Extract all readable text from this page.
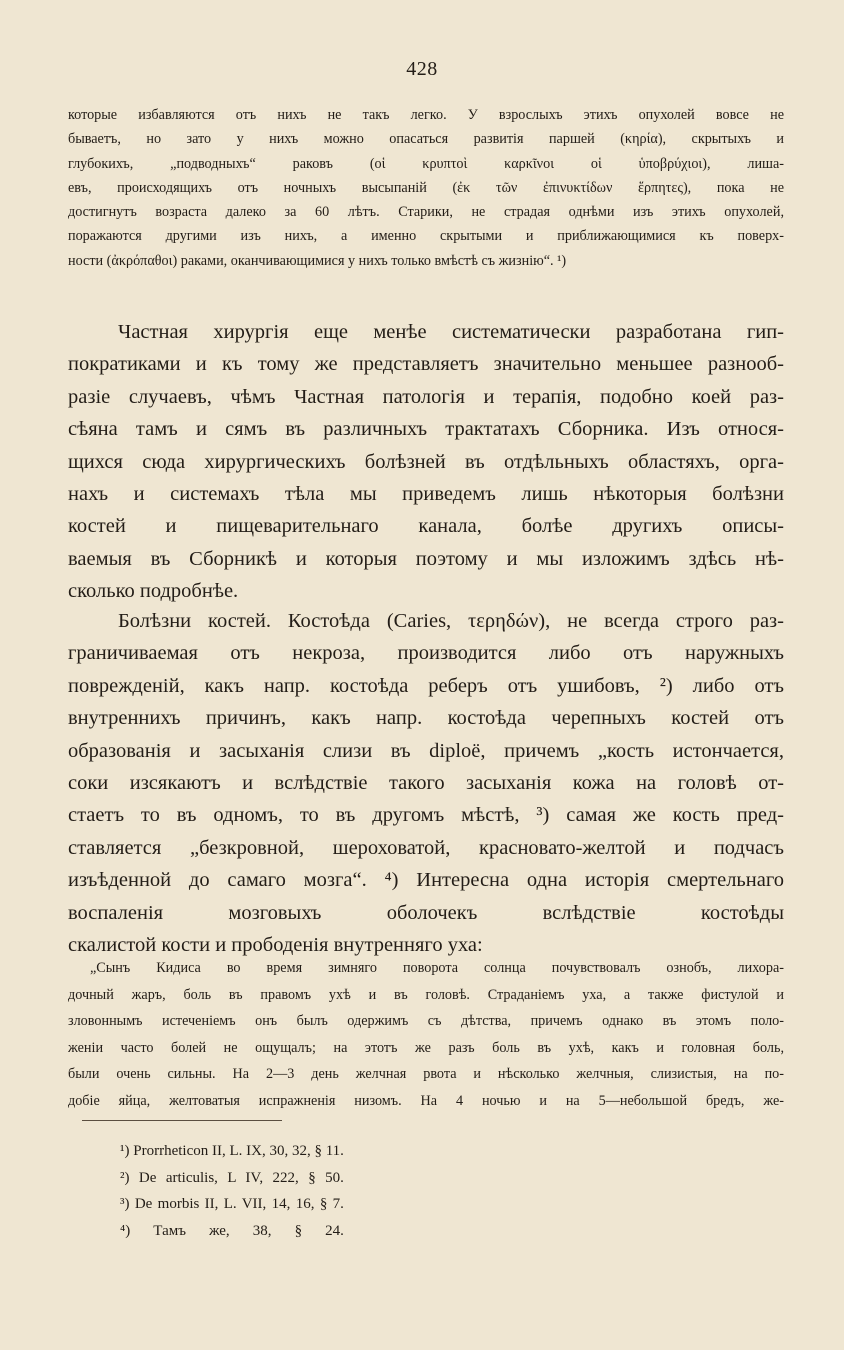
428
которые избавляются отъ нихъ не такъ легко. У взрослыхъ этихъ опухолей вовсе не
бываетъ, но зато у нихъ можно опасаться развитія паршей (κηρία), скрытыхъ и
глубокихъ, „подводныхъ“ раковъ (οἱ κρυπτοὶ καρκῖνοι οἱ ὑποβρύχιοι), лиша-
евъ, происходящихъ отъ ночныхъ высыпаній (ἐκ τῶν ἐπινυκτίδων ἕρπητες), пока не
достигнутъ возраста далеко за 60 лѣтъ. Старики, не страдая однѣми изъ этихъ опухолей,
поражаются другими изъ нихъ, а именно скрытыми и приближающимися къ поверх-
ности (ἀκρόπαθοι) раками, оканчивающимися у нихъ только вмѣстѣ съ жизнію“. ¹)
Частная хирургія еще менѣе систематически разработана гип-
пократиками и къ тому же представляетъ значительно меньшее разнооб-
разіе случаевъ, чѣмъ Частная патологія и терапія, подобно коей раз-
сѣяна тамъ и сямъ въ различныхъ трактатахъ Сборника. Изъ относя-
щихся сюда хирургическихъ болѣзней въ отдѣльныхъ областяхъ, орга-
нахъ и системахъ тѣла мы приведемъ лишь нѣкоторыя болѣзни
костей и пищеварительнаго канала, болѣе другихъ описы-
ваемыя въ Сборникѣ и которыя поэтому и мы изложимъ здѣсь нѣ-
сколько подробнѣе.
Болѣзни костей. Костоѣда (Caries, τερηδών), не всегда строго раз-
граничиваемая отъ некроза, производится либо отъ наружныхъ
поврежденій, какъ напр. костоѣда реберъ отъ ушибовъ, ²) либо отъ
внутреннихъ причинъ, какъ напр. костоѣда черепныхъ костей отъ
образованія и засыханія слизи въ diploё, причемъ „кость истончается,
соки изсякаютъ и вслѣдствіе такого засыханія кожа на головѣ от-
стаетъ то въ одномъ, то въ другомъ мѣстѣ, ³) самая же кость пред-
ставляется „безкровной, шероховатой, красновато-желтой и подчасъ
изъѣденной до самаго мозга“. ⁴) Интересна одна исторія смертельнаго
воспаленія мозговыхъ оболочекъ вслѣдствіе костоѣды
скалистой кости и прободенія внутренняго уха:
„Сынъ Кидиса во время зимняго поворота солнца почувствовалъ ознобъ, лихора-
дочный жаръ, боль въ правомъ ухѣ и въ головѣ. Страданіемъ уха, а также фистулой и
зловоннымъ истеченіемъ онъ былъ одержимъ съ дѣтства, причемъ однако въ этомъ поло-
женіи часто болей не ощущалъ; на этотъ же разъ боль въ ухѣ, какъ и головная боль,
были очень сильны. На 2—3 день желчная рвота и нѣсколько желчныя, слизистыя, на по-
добіе яйца, желтоватыя испражненія низомъ. На 4 ночью и на 5—небольшой бредъ, же-
¹) Prorrheticon II, L. IX, 30, 32, § 11.
²) De articulis, L IV, 222, § 50.
³) De morbis II, L. VII, 14, 16, § 7.
⁴) Тамъ же, 38, § 24.
